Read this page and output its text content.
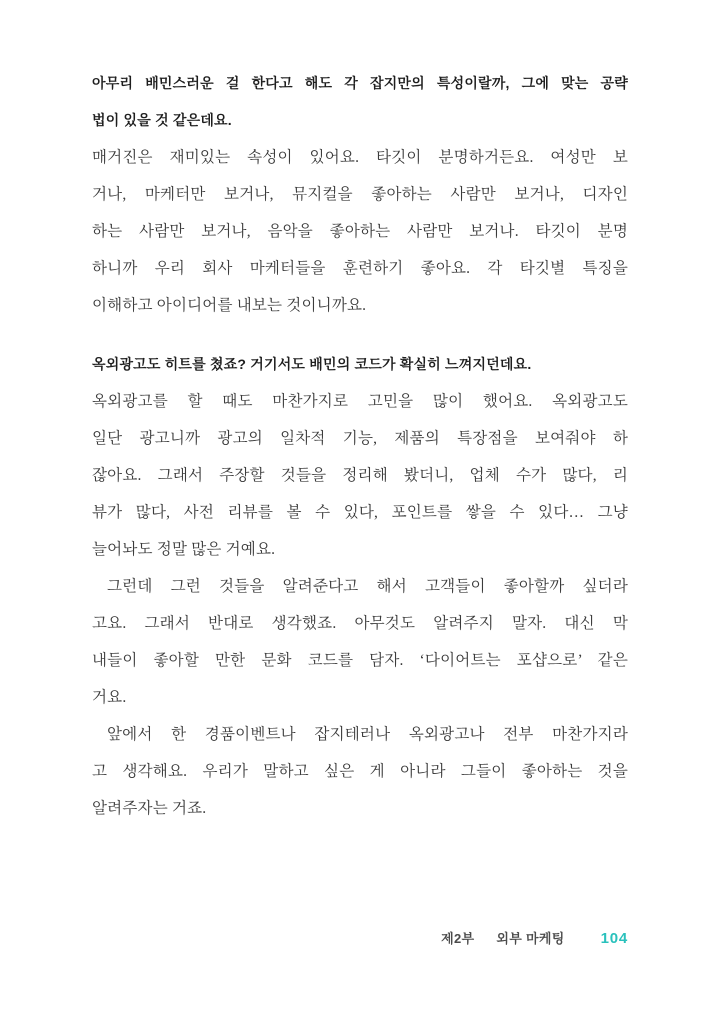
아무리 배민스러운 걸 한다고 해도 각 잡지만의 특성이랄까, 그에 맞는 공략
법이 있을 것 같은데요.
매거진은 재미있는 속성이 있어요. 타깃이 분명하거든요. 여성만 보
거나, 마케터만 보거나, 뮤지컬을 좋아하는 사람만 보거나, 디자인
하는 사람만 보거나, 음악을 좋아하는 사람만 보거나. 타깃이 분명
하니까 우리 회사 마케터들을 훈련하기 좋아요. 각 타깃별 특징을
이해하고 아이디어를 내보는 것이니까요.
옥외광고도 히트를 쳤죠? 거기서도 배민의 코드가 확실히 느껴지던데요.
옥외광고를 할 때도 마찬가지로 고민을 많이 했어요. 옥외광고도
일단 광고니까 광고의 일차적 기능, 제품의 특장점을 보여줘야 하
잖아요. 그래서 주장할 것들을 정리해 봤더니, 업체 수가 많다, 리
뷰가 많다, 사전 리뷰를 볼 수 있다, 포인트를 쌓을 수 있다… 그냥
늘어놔도 정말 많은 거예요.
그런데 그런 것들을 알려준다고 해서 고객들이 좋아할까 싶더라
고요. 그래서 반대로 생각했죠. 아무것도 알려주지 말자. 대신 막
내들이 좋아할 만한 문화 코드를 담자. ‘다이어트는 포샵으로’ 같은
거요.
앞에서 한 경품이벤트나 잡지테러나 옥외광고나 전부 마찬가지라
고 생각해요. 우리가 말하고 싶은 게 아니라 그들이 좋아하는 것을
알려주자는 거죠.
제2부 외부 마케팅 104
